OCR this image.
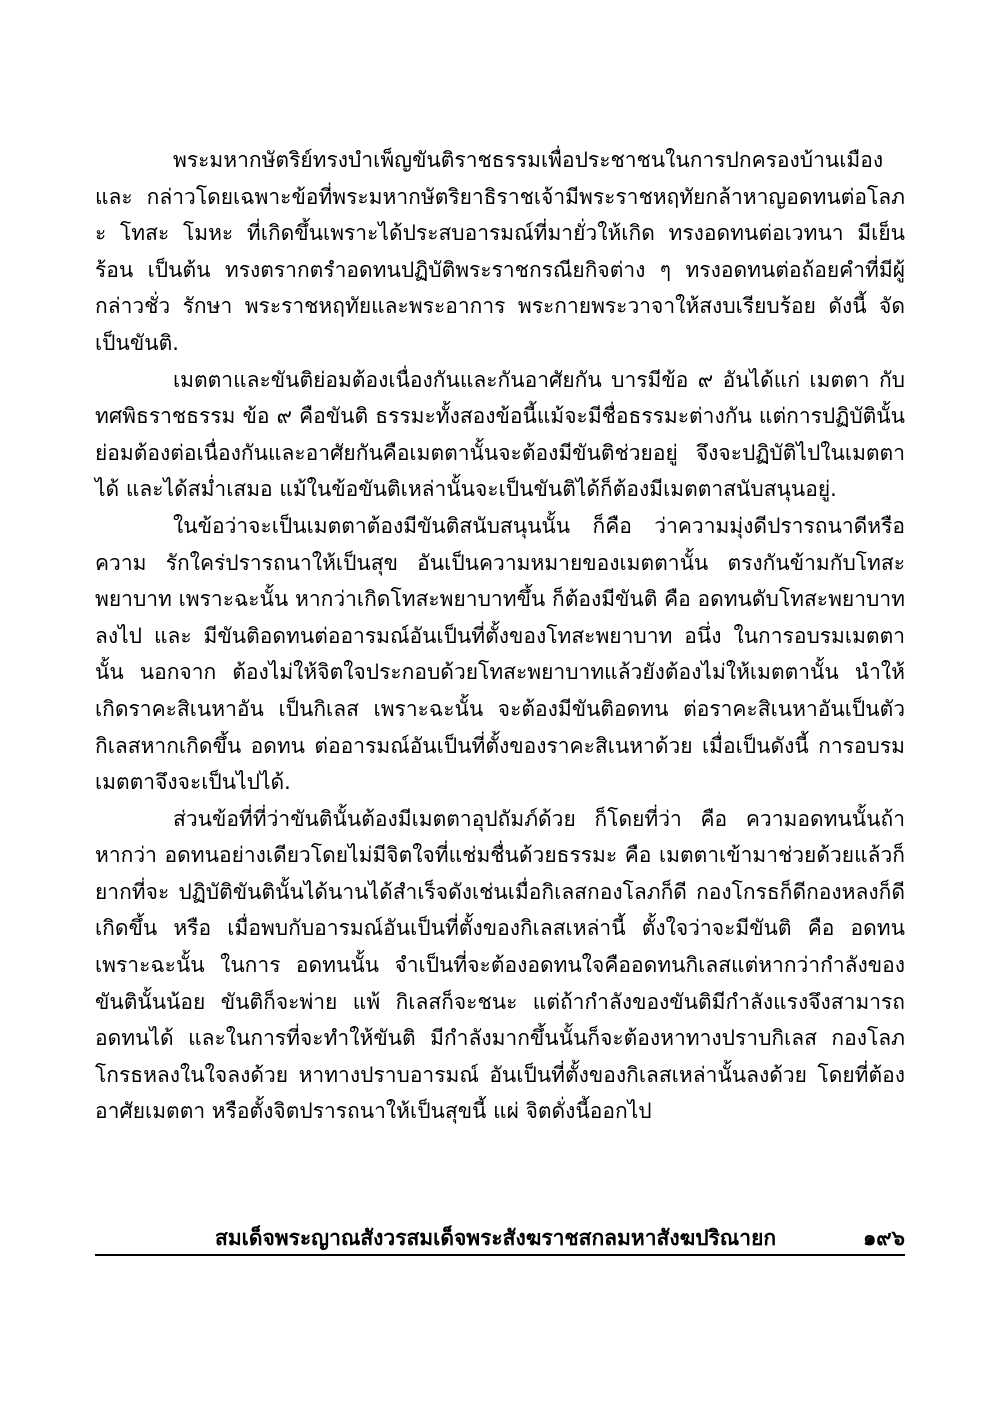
พระมหากษัตริย์ทรงบำเพ็ญขันติราชธรรมเพื่อประชาชนในการปกครองบ้านเมืองและ กล่าวโดยเฉพาะข้อที่พระมหากษัตริยาธิราชเจ้ามีพระราชหฤทัยกล้าหาญอดทนต่อโลภะ โทสะ โมหะ ที่เกิดขึ้นเพราะได้ประสบอารมณ์ที่มายั่วให้เกิด ทรงอดทนต่อเวทนา มีเย็นร้อน เป็นต้น ทรงตรากตรำอดทนปฏิบัติพระราชกรณียกิจต่าง ๆ ทรงอดทนต่อถ้อยคำที่มีผู้กล่าวชั่ว รักษา พระราชหฤทัยและพระอาการ พระกายพระวาจาให้สงบเรียบร้อย ดังนี้ จัดเป็นขันติ.

เมตตาและขันติย่อมต้องเนื่องกันและกันอาศัยกัน บารมีข้อ ๙ อันได้แก่ เมตตา กับ ทศพิธราชธรรม ข้อ ๙ คือขันติ ธรรมะทั้งสองข้อนี้แม้จะมีชื่อธรรมะต่างกัน แต่การปฏิบัตินั้น ย่อมต้องต่อเนื่องกันและอาศัยกันคือเมตตานั้นจะต้องมีขันติช่วยอยู่ จึงจะปฏิบัติไปในเมตตาได้ และได้สม่ำเสมอ แม้ในข้อขันติเหล่านั้นจะเป็นขันติได้ก็ต้องมีเมตตาสนับสนุนอยู่.

ในข้อว่าจะเป็นเมตตาต้องมีขันติสนับสนุนนั้น ก็คือ ว่าความมุ่งดีปรารถนาดีหรือความ รักใคร่ปรารถนาให้เป็นสุข อันเป็นความหมายของเมตตานั้น ตรงกันข้ามกับโทสะ พยาบาท เพราะฉะนั้น หากว่าเกิดโทสะพยาบาทขึ้น ก็ต้องมีขันติ คือ อดทนดับโทสะพยาบาทลงไป และ มีขันติอดทนต่ออารมณ์อันเป็นที่ตั้งของโทสะพยาบาท อนึ่ง ในการอบรมเมตตานั้น นอกจาก ต้องไม่ให้จิตใจประกอบด้วยโทสะพยาบาทแล้วยังต้องไม่ให้เมตตานั้น นำให้เกิดราคะสิเนหาอัน เป็นกิเลส เพราะฉะนั้น จะต้องมีขันติอดทน ต่อราคะสิเนหาอันเป็นตัวกิเลสหากเกิดขึ้น อดทน ต่ออารมณ์อันเป็นที่ตั้งของราคะสิเนหาด้วย เมื่อเป็นดังนี้ การอบรมเมตตาจึงจะเป็นไปได้.

ส่วนข้อที่ที่ว่าขันตินั้นต้องมีเมตตาอุปถัมภ์ด้วย ก็โดยที่ว่า คือ ความอดทนนั้นถ้าหากว่า อดทนอย่างเดียวโดยไม่มีจิตใจที่แช่มชื่นด้วยธรรมะ คือ เมตตาเข้ามาช่วยด้วยแล้วก็ยากที่จะ ปฏิบัติขันตินั้นได้นานได้สำเร็จดังเช่นเมื่อกิเลสกองโลภก็ดี กองโกรธก็ดีกองหลงก็ดี เกิดขึ้น หรือ เมื่อพบกับอารมณ์อันเป็นที่ตั้งของกิเลสเหล่านี้ ตั้งใจว่าจะมีขันติ คือ อดทน เพราะฉะนั้น ในการ อดทนนั้น จำเป็นที่จะต้องอดทนใจคืออดทนกิเลสแต่หากว่ากำลังของขันตินั้นน้อย ขันติก็จะพ่าย แพ้ กิเลสก็จะชนะ แต่ถ้ากำลังของขันติมีกำลังแรงจึงสามารถอดทนได้ และในการที่จะทำให้ขันติ มีกำลังมากขึ้นนั้นก็จะต้องหาทางปราบกิเลส กองโลภโกรธหลงในใจลงด้วย หาทางปราบอารมณ์ อันเป็นที่ตั้งของกิเลสเหล่านั้นลงด้วย โดยที่ต้องอาศัยเมตตา หรือตั้งจิตปรารถนาให้เป็นสุขนี้ แผ่ จิตดั่งนี้ออกไป

สมเด็จพระญาณสังวรสมเด็จพระสังฆราชสกลมหาสังฆปริณายก	๑๙๖
